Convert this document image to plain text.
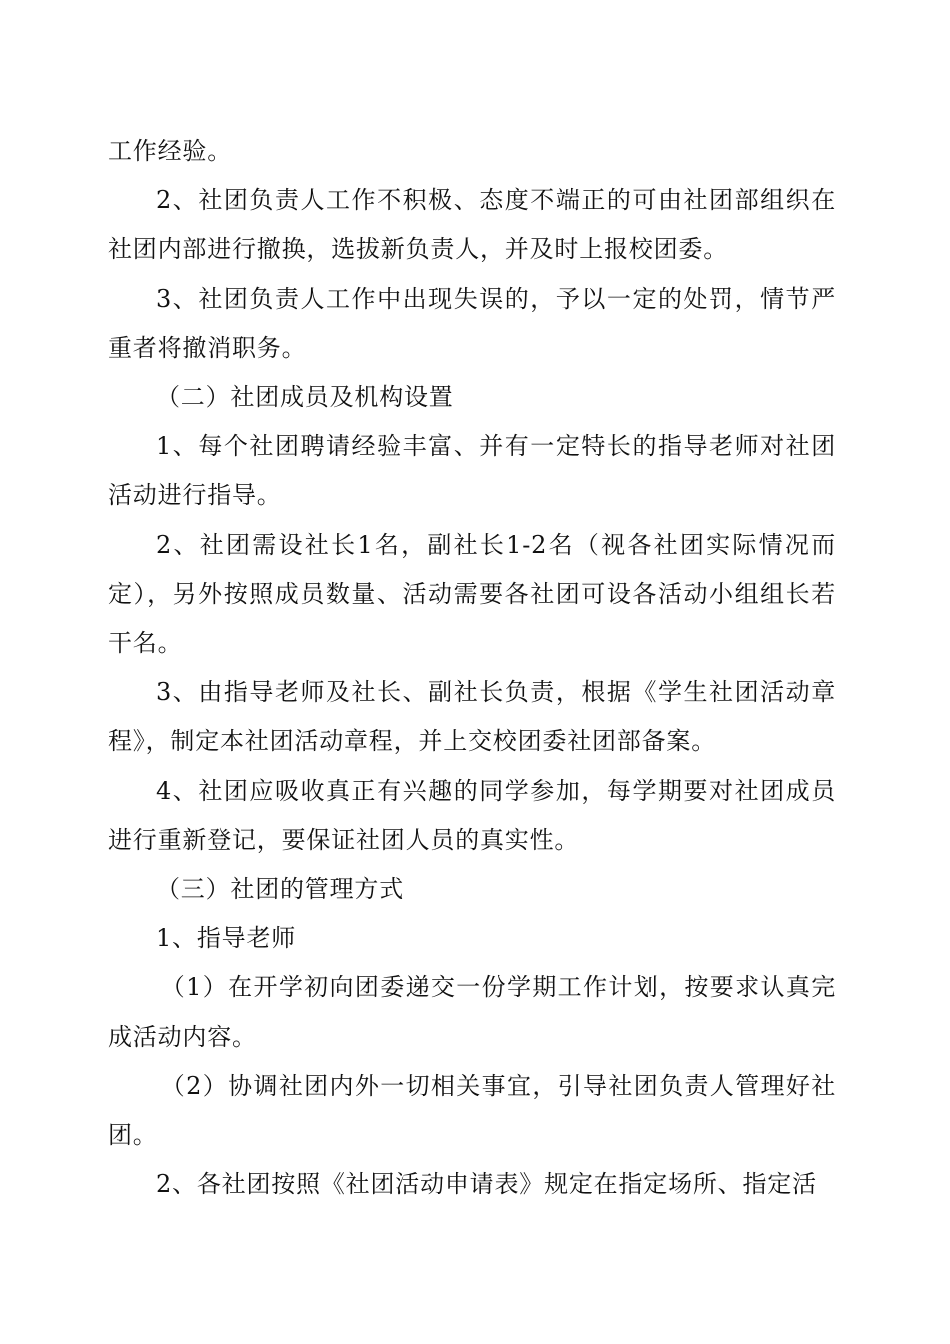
工作经验。

2、社团负责人工作不积极、态度不端正的可由社团部组织在社团内部进行撤换，选拔新负责人，并及时上报校团委。

3、社团负责人工作中出现失误的，予以一定的处罚，情节严重者将撤消职务。

（二）社团成员及机构设置

1、每个社团聘请经验丰富、并有一定特长的指导老师对社团活动进行指导。

2、社团需设社长1名，副社长1-2名（视各社团实际情况而定），另外按照成员数量、活动需要各社团可设各活动小组组长若干名。

3、由指导老师及社长、副社长负责，根据《学生社团活动章程》，制定本社团活动章程，并上交校团委社团部备案。

4、社团应吸收真正有兴趣的同学参加，每学期要对社团成员进行重新登记，要保证社团人员的真实性。

（三）社团的管理方式

1、指导老师

（1）在开学初向团委递交一份学期工作计划，按要求认真完成活动内容。

（2）协调社团内外一切相关事宜，引导社团负责人管理好社团。

2、各社团按照《社团活动申请表》规定在指定场所、指定活
